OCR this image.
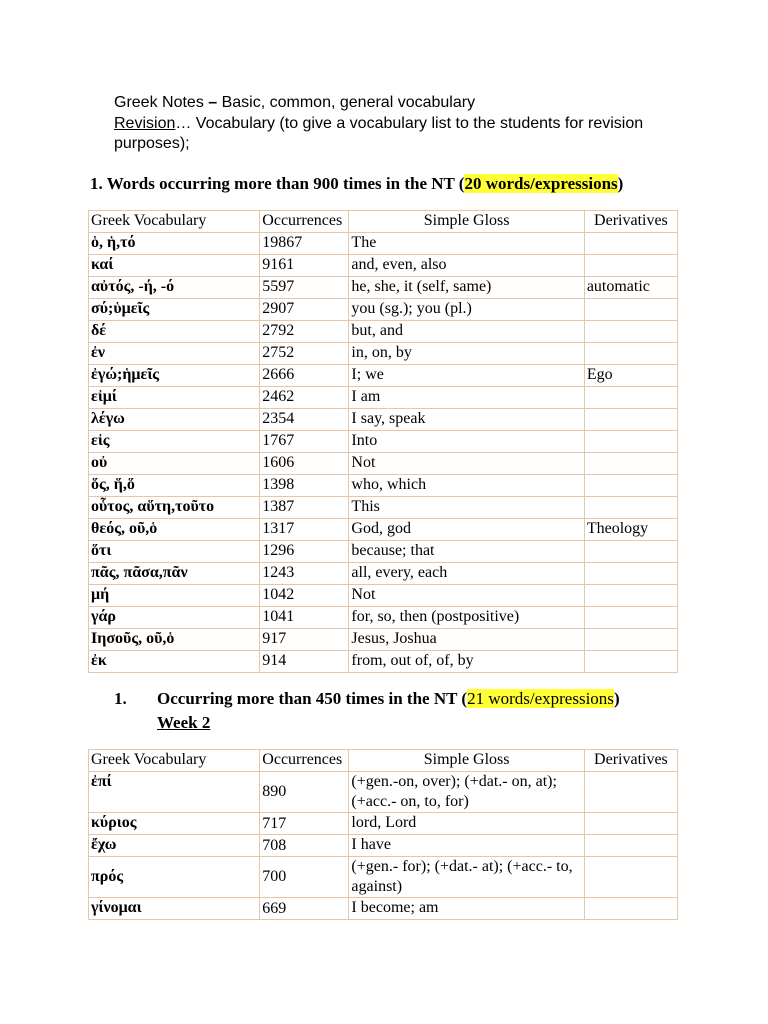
Greek Notes – Basic, common, general vocabulary
Revision… Vocabulary (to give a vocabulary list to the students for revision purposes);
1. Words occurring more than 900 times in the NT (20 words/expressions)
Greek Vocabulary	Occurrences	Simple Gloss	Derivatives
ὁ, ἡ,τό	19867	The	
καί	9161	and, even, also	
αὐτός, -ή, -ό	5597	he, she, it (self, same)	automatic
σύ;ὑμεῖς	2907	you (sg.); you (pl.)	
δέ	2792	but, and	
ἐν	2752	in, on, by	
ἐγώ;ἡμεῖς	2666	I; we	Ego
εἰμί	2462	I am	
λέγω	2354	I say, speak	
εἰς	1767	Into	
οὐ	1606	Not	
ὅς, ἥ,ὅ	1398	who, which	
οὗτος, αὕτη,τοῦτο	1387	This	
θεός, οῦ,ὁ	1317	God, god	Theology
ὅτι	1296	because; that	
πᾶς, πᾶσα,πᾶν	1243	all, every, each	
μή	1042	Not	
γάρ	1041	for, so, then (postpositive)	
Ιησοῦς, οῦ,ὁ	917	Jesus, Joshua	
ἐκ	914	from, out of, of, by	
1. Occurring more than 450 times in the NT (21 words/expressions)
Week 2
Greek Vocabulary	Occurrences	Simple Gloss	Derivatives
ἐπί	890	(+gen.-on, over); (+dat.- on, at); (+acc.- on, to, for)	
κύριος	717	lord, Lord	
ἔχω	708	I have	
πρός	700	(+gen.- for); (+dat.- at); (+acc.- to, against)	
γίνομαι	669	I become; am	
